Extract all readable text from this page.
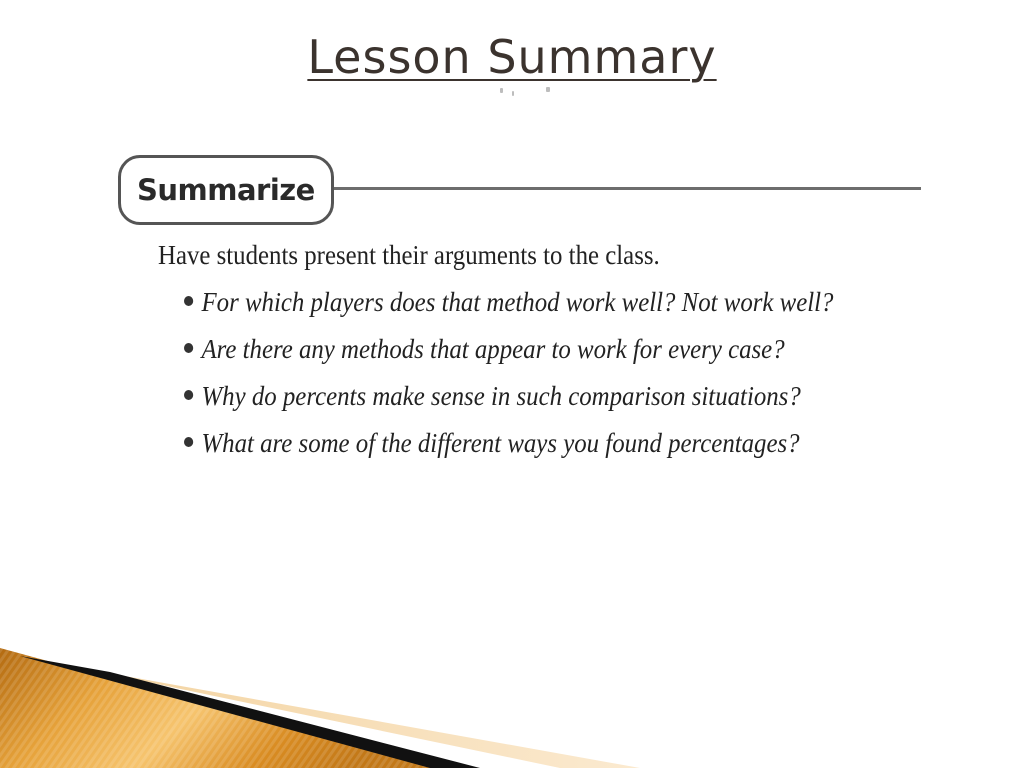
Lesson Summary
Summarize
Have students present their arguments to the class.
For which players does that method work well? Not work well?
Are there any methods that appear to work for every case?
Why do percents make sense in such comparison situations?
What are some of the different ways you found percentages?
